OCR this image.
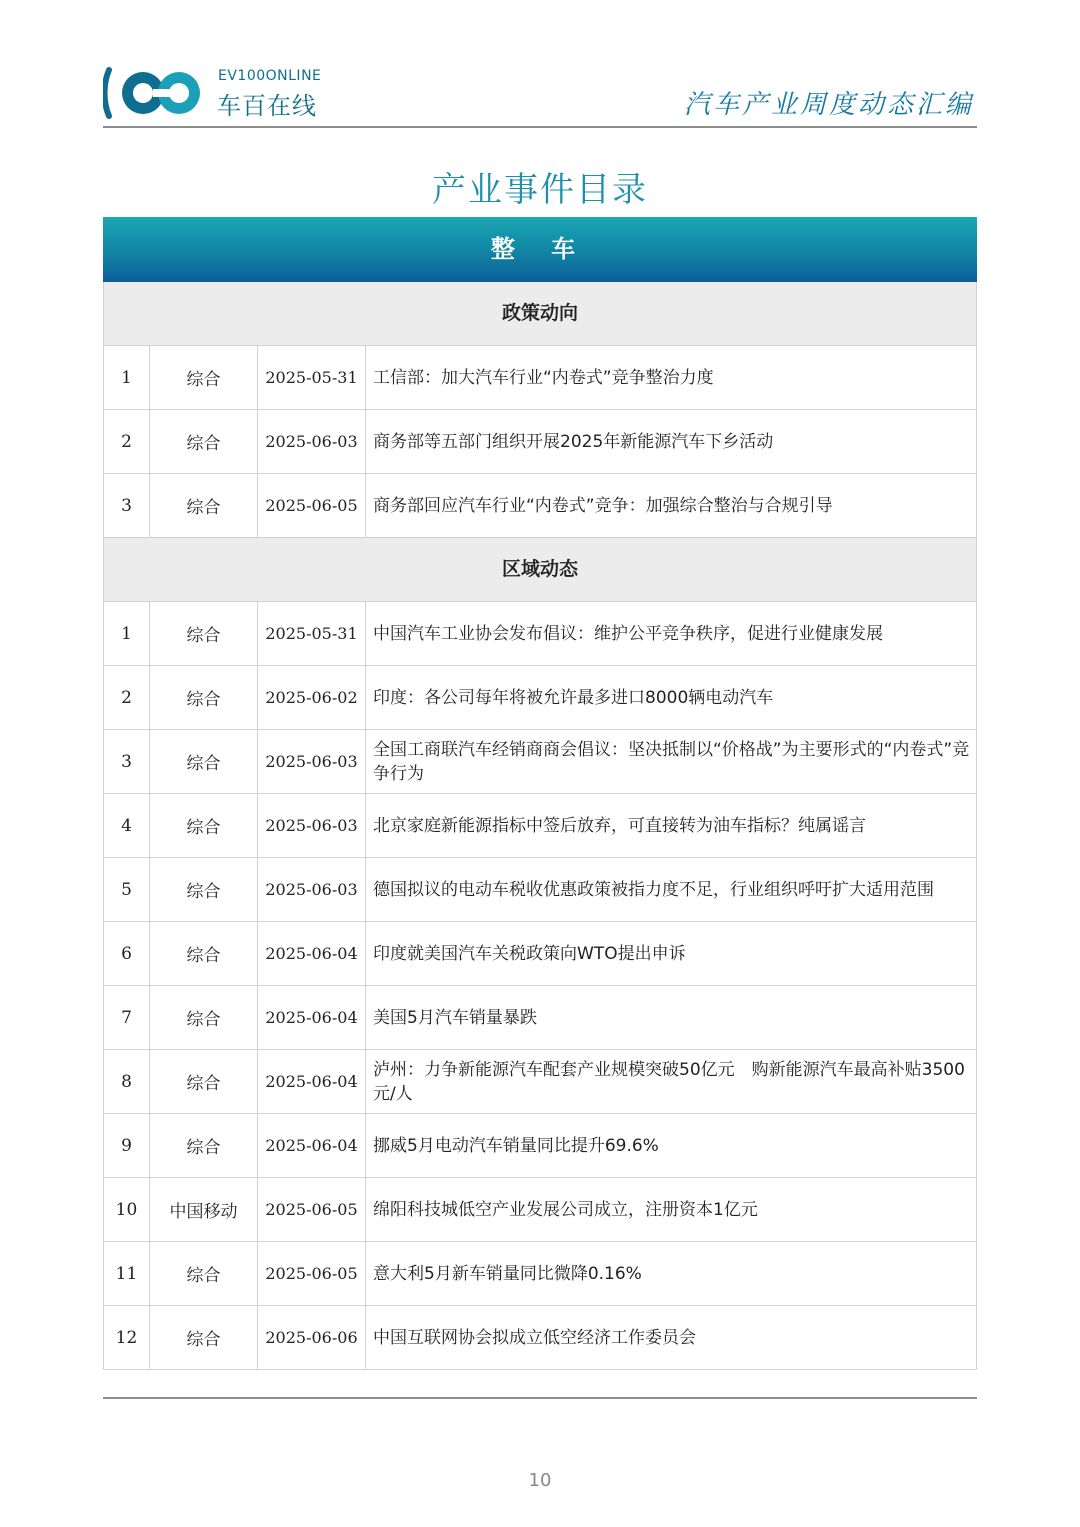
EV100ONLINE
车百在线	汽车产业周度动态汇编
产业事件目录
整 车
政策动向
1	综合	2025-05-31 工信部：加大汽车行业“内卷式”竞争整治力度
2	综合	2025-06-03 商务部等五部门组织开展2025年新能源汽车下乡活动
3	综合	2025-06-05 商务部回应汽车行业“内卷式”竞争：加强综合整治与合规引导
区域动态
1	综合	2025-05-31 中国汽车工业协会发布倡议：维护公平竞争秩序，促进行业健康发展
2	综合	2025-06-02 印度：各公司每年将被允许最多进口8000辆电动汽车
3	综合	2025-06-03
全国工商联汽车经销商商会倡议：坚决抵制以“价格战”为主要形式的“内卷式”竞争行为
4	综合	2025-06-03 北京家庭新能源指标中签后放弃，可直接转为油车指标？纯属谣言
5	综合	2025-06-03 德国拟议的电动车税收优惠政策被指力度不足，行业组织呼吁扩大适用范围
6	综合	2025-06-04 印度就美国汽车关税政策向WTO提出申诉
7	综合	2025-06-04 美国5月汽车销量暴跌
8	综合	2025-06-04
泸州：力争新能源汽车配套产业规模突破50亿元　购新能源汽车最高补贴3500元/人
9	综合	2025-06-04 挪威5月电动汽车销量同比提升69.6%
10	中国移动	2025-06-05 绵阳科技城低空产业发展公司成立，注册资本1亿元
11	综合	2025-06-05 意大利5月新车销量同比微降0.16%
12	综合	2025-06-06 中国互联网协会拟成立低空经济工作委员会
10
